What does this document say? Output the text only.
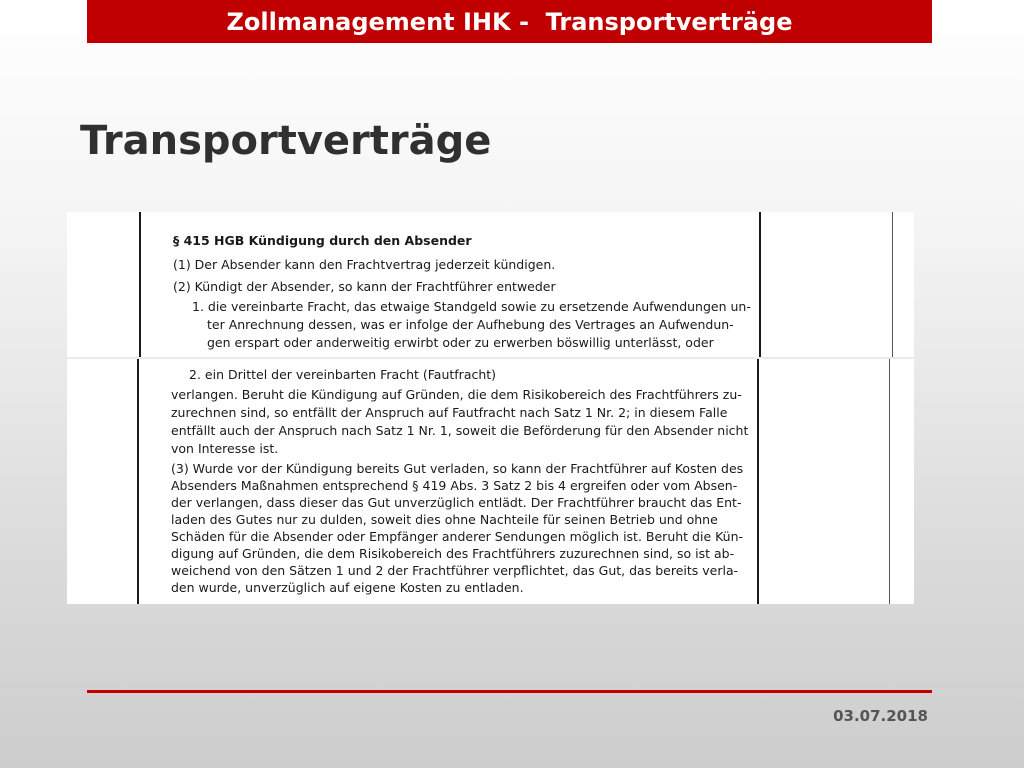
Zollmanagement IHK -  Transportverträge
Transportverträge

§ 415 HGB Kündigung durch den Absender

(1) Der Absender kann den Frachtvertrag jederzeit kündigen.

(2) Kündigt der Absender, so kann der Frachtführer entweder

1. die vereinbarte Fracht, das etwaige Standgeld sowie zu ersetzende Aufwendungen un-

ter Anrechnung dessen, was er infolge der Aufhebung des Vertrages an Aufwendun-

gen erspart oder anderweitig erwirbt oder zu erwerben böswillig unterlässt, oder

2. ein Drittel der vereinbarten Fracht (Fautfracht)

verlangen. Beruht die Kündigung auf Gründen, die dem Risikobereich des Frachtführers zu-

zurechnen sind, so entfällt der Anspruch auf Fautfracht nach Satz 1 Nr. 2; in diesem Falle

entfällt auch der Anspruch nach Satz 1 Nr. 1, soweit die Beförderung für den Absender nicht

von Interesse ist.

(3) Wurde vor der Kündigung bereits Gut verladen, so kann der Frachtführer auf Kosten des

Absenders Maßnahmen entsprechend § 419 Abs. 3 Satz 2 bis 4 ergreifen oder vom Absen-

der verlangen, dass dieser das Gut unverzüglich entlädt. Der Frachtführer braucht das Ent-

laden des Gutes nur zu dulden, soweit dies ohne Nachteile für seinen Betrieb und ohne

Schäden für die Absender oder Empfänger anderer Sendungen möglich ist. Beruht die Kün-

digung auf Gründen, die dem Risikobereich des Frachtführers zuzurechnen sind, so ist ab-

weichend von den Sätzen 1 und 2 der Frachtführer verpflichtet, das Gut, das bereits verla-

den wurde, unverzüglich auf eigene Kosten zu entladen.

03.07.2018
